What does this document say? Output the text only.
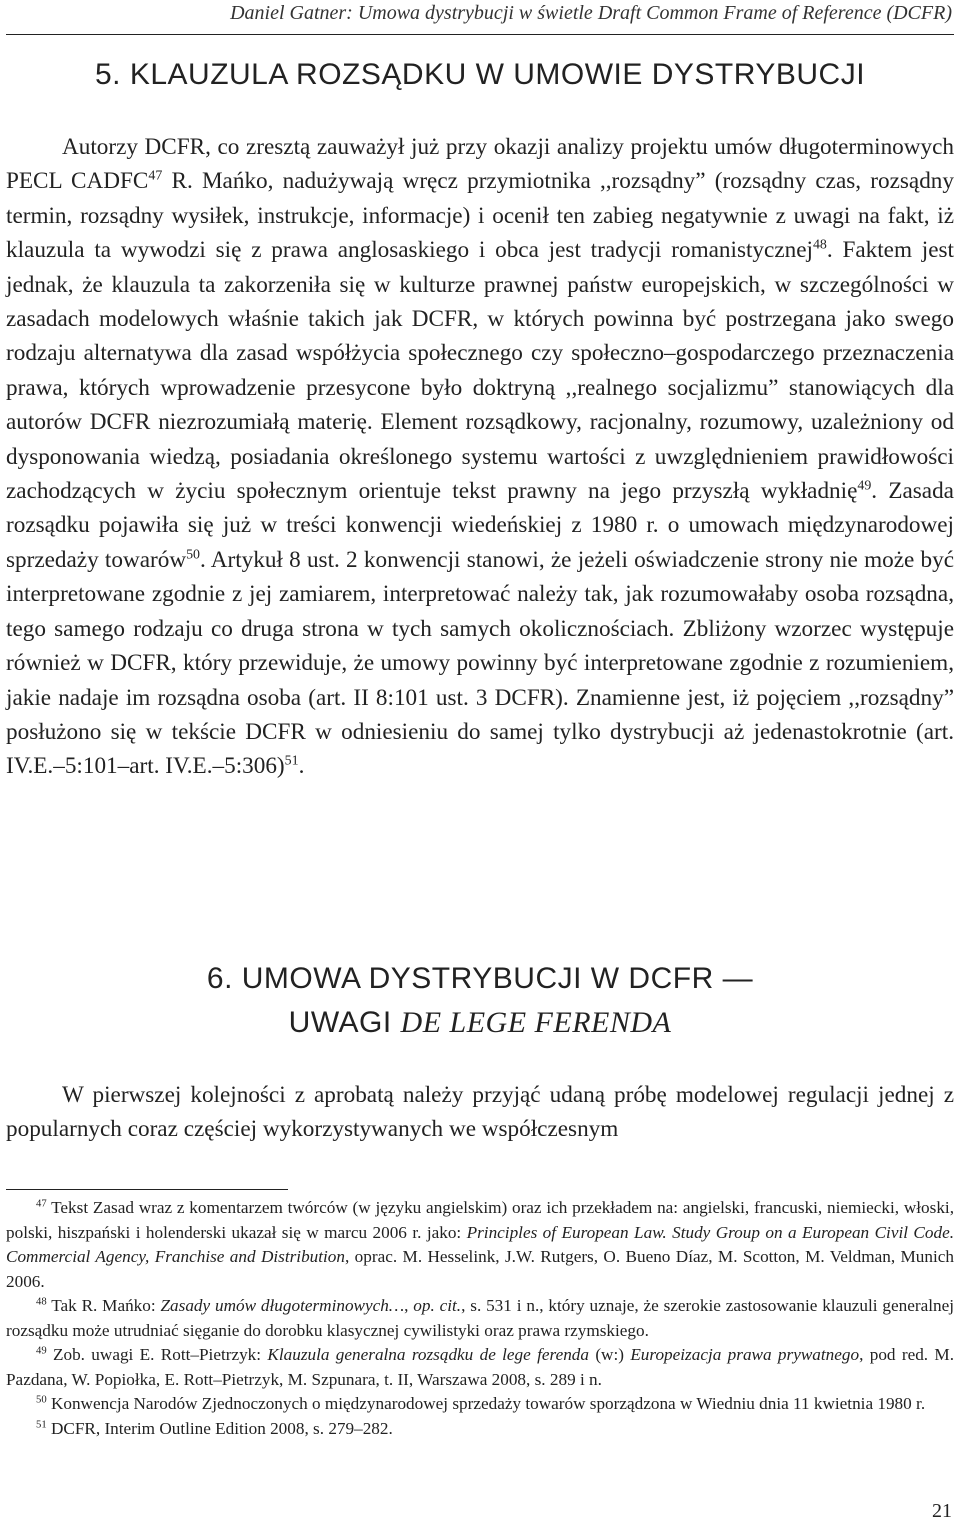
Daniel Gatner: Umowa dystrybucji w świetle Draft Common Frame of Reference (DCFR)
5. KLAUZULA ROZSĄDKU W UMOWIE DYSTRYBUCJI
Autorzy DCFR, co zresztą zauważył już przy okazji analizy projektu umów długoterminowych PECL CADFC$^{47}$ R. Mańko, nadużywają wręcz przymiotnika ,,rozsądny” (rozsądny czas, rozsądny termin, rozsądny wysiłek, instrukcje, informacje) i ocenił ten zabieg negatywnie z uwagi na fakt, iż klauzula ta wywodzi się z prawa anglosaskiego i obca jest tradycji romanistycznej$^{48}$. Faktem jest jednak, że klauzula ta zakorzeniła się w kulturze prawnej państw europejskich, w szczególności w zasadach modelowych właśnie takich jak DCFR, w których powinna być postrzegana jako swego rodzaju alternatywa dla zasad współżycia społecznego czy społeczno–gospodarczego przeznaczenia prawa, których wprowadzenie przesycone było doktryną ,,realnego socjalizmu” stanowiących dla autorów DCFR niezrozumiałą materię. Element rozsądkowy, racjonalny, rozumowy, uzależniony od dysponowania wiedzą, posiadania określonego systemu wartości z uwzględnieniem prawidłowości zachodzących w życiu społecznym orientuje tekst prawny na jego przyszłą wykładnię$^{49}$. Zasada rozsądku pojawiła się już w treści konwencji wiedeńskiej z 1980 r. o umowach międzynarodowej sprzedaży towarów$^{50}$. Artykuł 8 ust. 2 konwencji stanowi, że jeżeli oświadczenie strony nie może być interpretowane zgodnie z jej zamiarem, interpretować należy tak, jak rozumowałaby osoba rozsądna, tego samego rodzaju co druga strona w tych samych okolicznościach. Zbliżony wzorzec występuje również w DCFR, który przewiduje, że umowy powinny być interpretowane zgodnie z rozumieniem, jakie nadaje im rozsądna osoba (art. II 8:101 ust. 3 DCFR). Znamienne jest, iż pojęciem ,,rozsądny” posłużono się w tekście DCFR w odniesieniu do samej tylko dystrybucji aż jedenastokrotnie (art. IV.E.–5:101–art. IV.E.–5:306)$^{51}$.
6. UMOWA DYSTRYBUCJI W DCFR —
UWAGI DE LEGE FERENDA
W pierwszej kolejności z aprobatą należy przyjąć udaną próbę modelowej regulacji jednej z popularnych coraz częściej wykorzystywanych we współczesnym

$^{47}$ Tekst Zasad wraz z komentarzem twórców (w języku angielskim) oraz ich przekładem na: angielski, francuski, niemiecki, włoski, polski, hiszpański i holenderski ukazał się w marcu 2006 r. jako: Principles of European Law. Study Group on a European Civil Code. Commercial Agency, Franchise and Distribution, oprac. M. Hesselink, J.W. Rutgers, O. Bueno Díaz, M. Scotton, M. Veldman, Munich 2006.

$^{48}$ Tak R. Mańko: Zasady umów długoterminowych…, op. cit., s. 531 i n., który uznaje, że szerokie zastosowanie klauzuli generalnej rozsądku może utrudniać sięganie do dorobku klasycznej cywilistyki oraz prawa rzymskiego.

$^{49}$ Zob. uwagi E. Rott–Pietrzyk: Klauzula generalna rozsądku de lege ferenda (w:) Europeizacja prawa prywatnego, pod red. M. Pazdana, W. Popiołka, E. Rott–Pietrzyk, M. Szpunara, t. II, Warszawa 2008, s. 289 i n.

$^{50}$ Konwencja Narodów Zjednoczonych o międzynarodowej sprzedaży towarów sporządzona w Wiedniu dnia 11 kwietnia 1980 r.

$^{51}$ DCFR, Interim Outline Edition 2008, s. 279–282.

21
